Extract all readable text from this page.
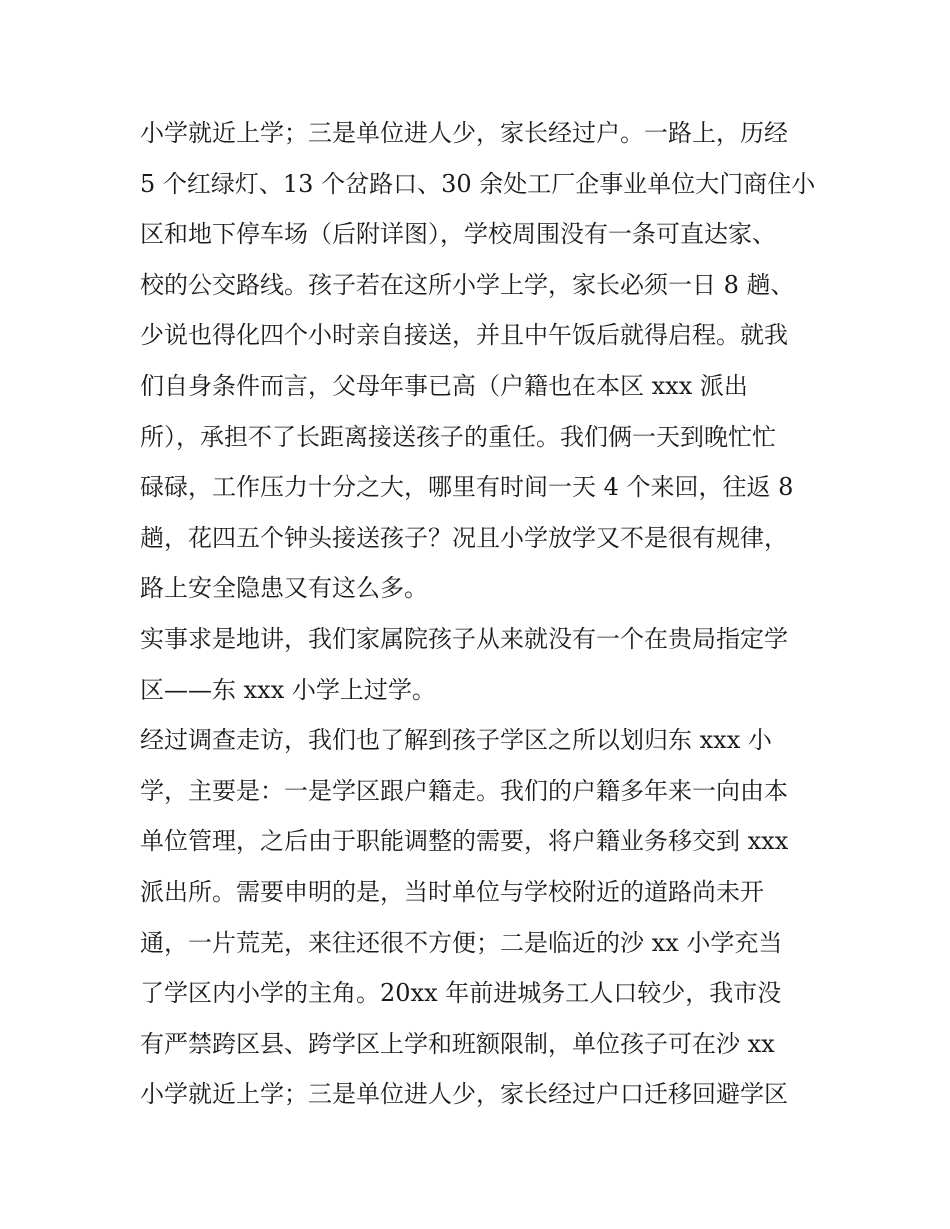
小学就近上学；三是单位进人少，家长经过户。一路上，历经
5 个红绿灯、13 个岔路口、30 余处工厂企事业单位大门商住小
区和地下停车场（后附详图），学校周围没有一条可直达家、
校的公交路线。孩子若在这所小学上学，家长必须一日 8 趟、
少说也得化四个小时亲自接送，并且中午饭后就得启程。就我
们自身条件而言，父母年事已高（户籍也在本区 xxx 派出
所），承担不了长距离接送孩子的重任。我们俩一天到晚忙忙
碌碌，工作压力十分之大，哪里有时间一天 4 个来回，往返 8
趟，花四五个钟头接送孩子？况且小学放学又不是很有规律，
路上安全隐患又有这么多。
实事求是地讲，我们家属院孩子从来就没有一个在贵局指定学
区——东 xxx 小学上过学。
经过调查走访，我们也了解到孩子学区之所以划归东 xxx 小
学，主要是：一是学区跟户籍走。我们的户籍多年来一向由本
单位管理，之后由于职能调整的需要，将户籍业务移交到 xxx
派出所。需要申明的是，当时单位与学校附近的道路尚未开
通，一片荒芜，来往还很不方便；二是临近的沙 xx 小学充当
了学区内小学的主角。20xx 年前进城务工人口较少，我市没
有严禁跨区县、跨学区上学和班额限制，单位孩子可在沙 xx
小学就近上学；三是单位进人少，家长经过户口迁移回避学区
